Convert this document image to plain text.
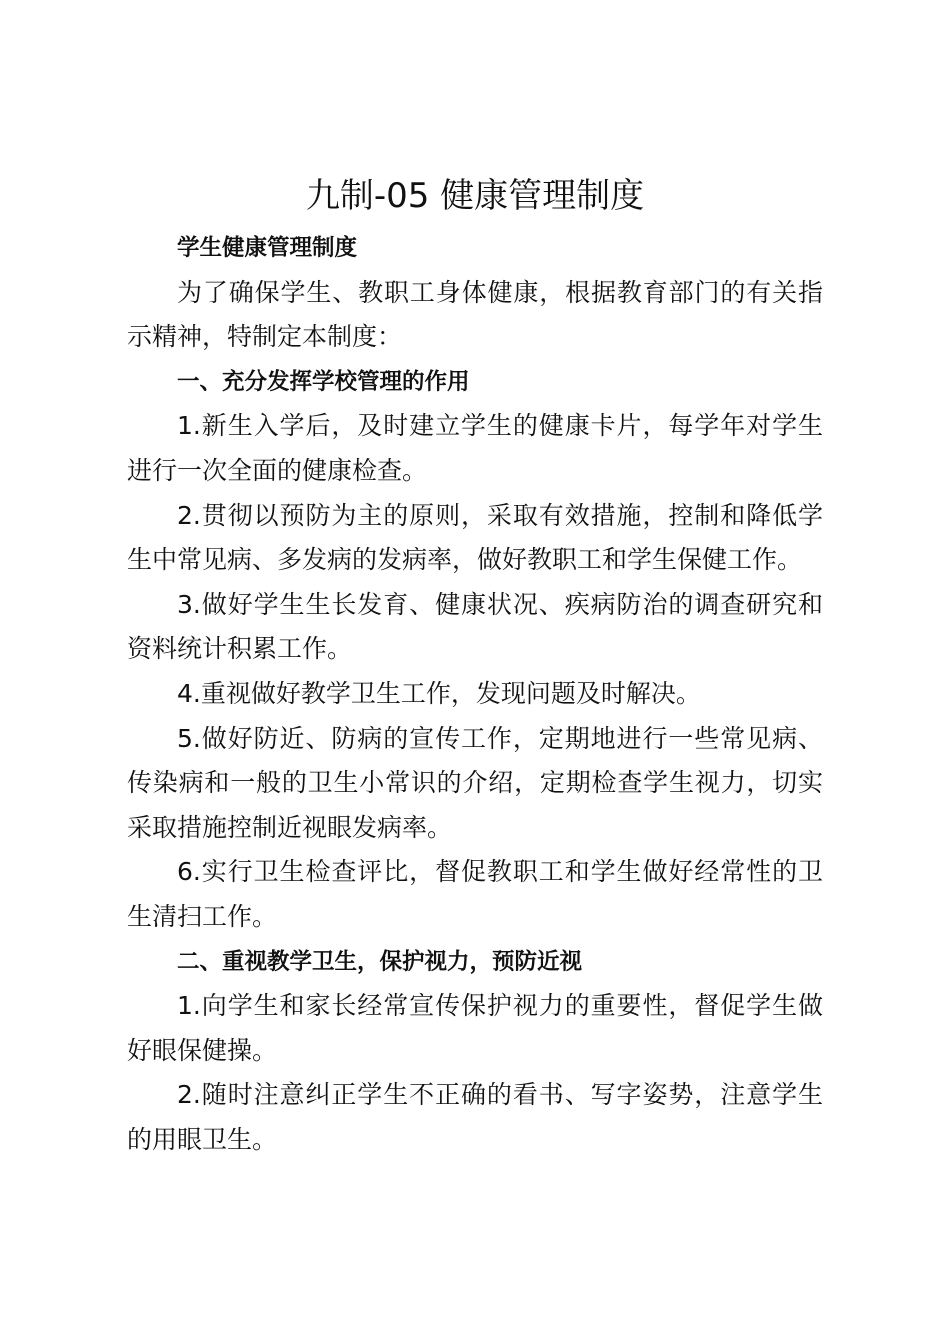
九制-05 健康管理制度

学生健康管理制度

为了确保学生、教职工身体健康，根据教育部门的有关指示精神，特制定本制度：

一、充分发挥学校管理的作用

1.新生入学后，及时建立学生的健康卡片，每学年对学生进行一次全面的健康检查。

2.贯彻以预防为主的原则，采取有效措施，控制和降低学生中常见病、多发病的发病率，做好教职工和学生保健工作。

3.做好学生生长发育、健康状况、疾病防治的调查研究和资料统计积累工作。

4.重视做好教学卫生工作，发现问题及时解决。

5.做好防近、防病的宣传工作，定期地进行一些常见病、传染病和一般的卫生小常识的介绍，定期检查学生视力，切实采取措施控制近视眼发病率。

6.实行卫生检查评比，督促教职工和学生做好经常性的卫生清扫工作。

二、重视教学卫生，保护视力，预防近视

1.向学生和家长经常宣传保护视力的重要性，督促学生做好眼保健操。

2.随时注意纠正学生不正确的看书、写字姿势，注意学生的用眼卫生。
